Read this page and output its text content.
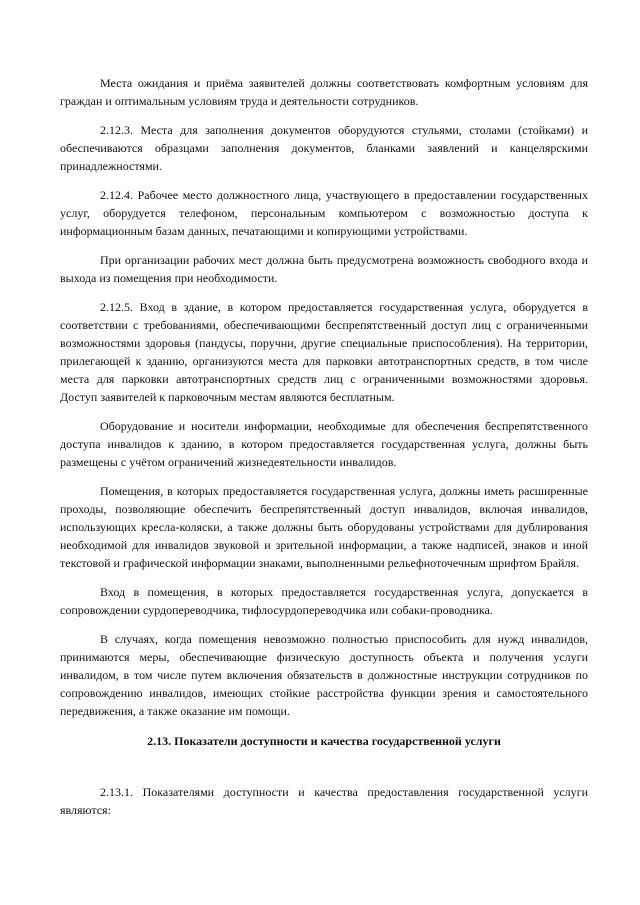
Места ожидания и приёма заявителей должны соответствовать комфортным условиям для граждан и оптимальным условиям труда и деятельности сотрудников.

2.12.3. Места для заполнения документов оборудуются стульями, столами (стойками) и обеспечиваются образцами заполнения документов, бланками заявлений и канцелярскими принадлежностями.

2.12.4. Рабочее место должностного лица, участвующего в предоставлении государственных услуг, оборудуется телефоном, персональным компьютером с возможностью доступа к информационным базам данных, печатающими и копирующими устройствами.

При организации рабочих мест должна быть предусмотрена возможность свободного входа и выхода из помещения при необходимости.

2.12.5. Вход в здание, в котором предоставляется государственная услуга, оборудуется в соответствии с требованиями, обеспечивающими беспрепятственный доступ лиц с ограниченными возможностями здоровья (пандусы, поручни, другие специальные приспособления). На территории, прилегающей к зданию, организуются места для парковки автотранспортных средств, в том числе места для парковки автотранспортных средств лиц с ограниченными возможностями здоровья. Доступ заявителей к парковочным местам являются бесплатным.

Оборудование и носители информации, необходимые для обеспечения беспрепятственного доступа инвалидов к зданию, в котором предоставляется государственная услуга, должны быть размещены с учётом ограничений жизнедеятельности инвалидов.

Помещения, в которых предоставляется государственная услуга, должны иметь расширенные проходы, позволяющие обеспечить беспрепятственный доступ инвалидов, включая инвалидов, использующих кресла-коляски, а также должны быть оборудованы устройствами для дублирования необходимой для инвалидов звуковой и зрительной информации, а также надписей, знаков и иной текстовой и графической информации знаками, выполненными рельефноточечным шрифтом Брайля.

Вход в помещения, в которых предоставляется государственная услуга, допускается в сопровождении сурдопереводчика, тифлосурдопереводчика или собаки-проводника.

В случаях, когда помещения невозможно полностью приспособить для нужд инвалидов, принимаются меры, обеспечивающие физическую доступность объекта и получения услуги инвалидом, в том числе путем включения обязательств в должностные инструкции сотрудников по сопровождению инвалидов, имеющих стойкие расстройства функции зрения и самостоятельного передвижения, а также оказание им помощи.

2.13. Показатели доступности и качества государственной услуги

2.13.1. Показателями доступности и качества предоставления государственной услуги являются:
